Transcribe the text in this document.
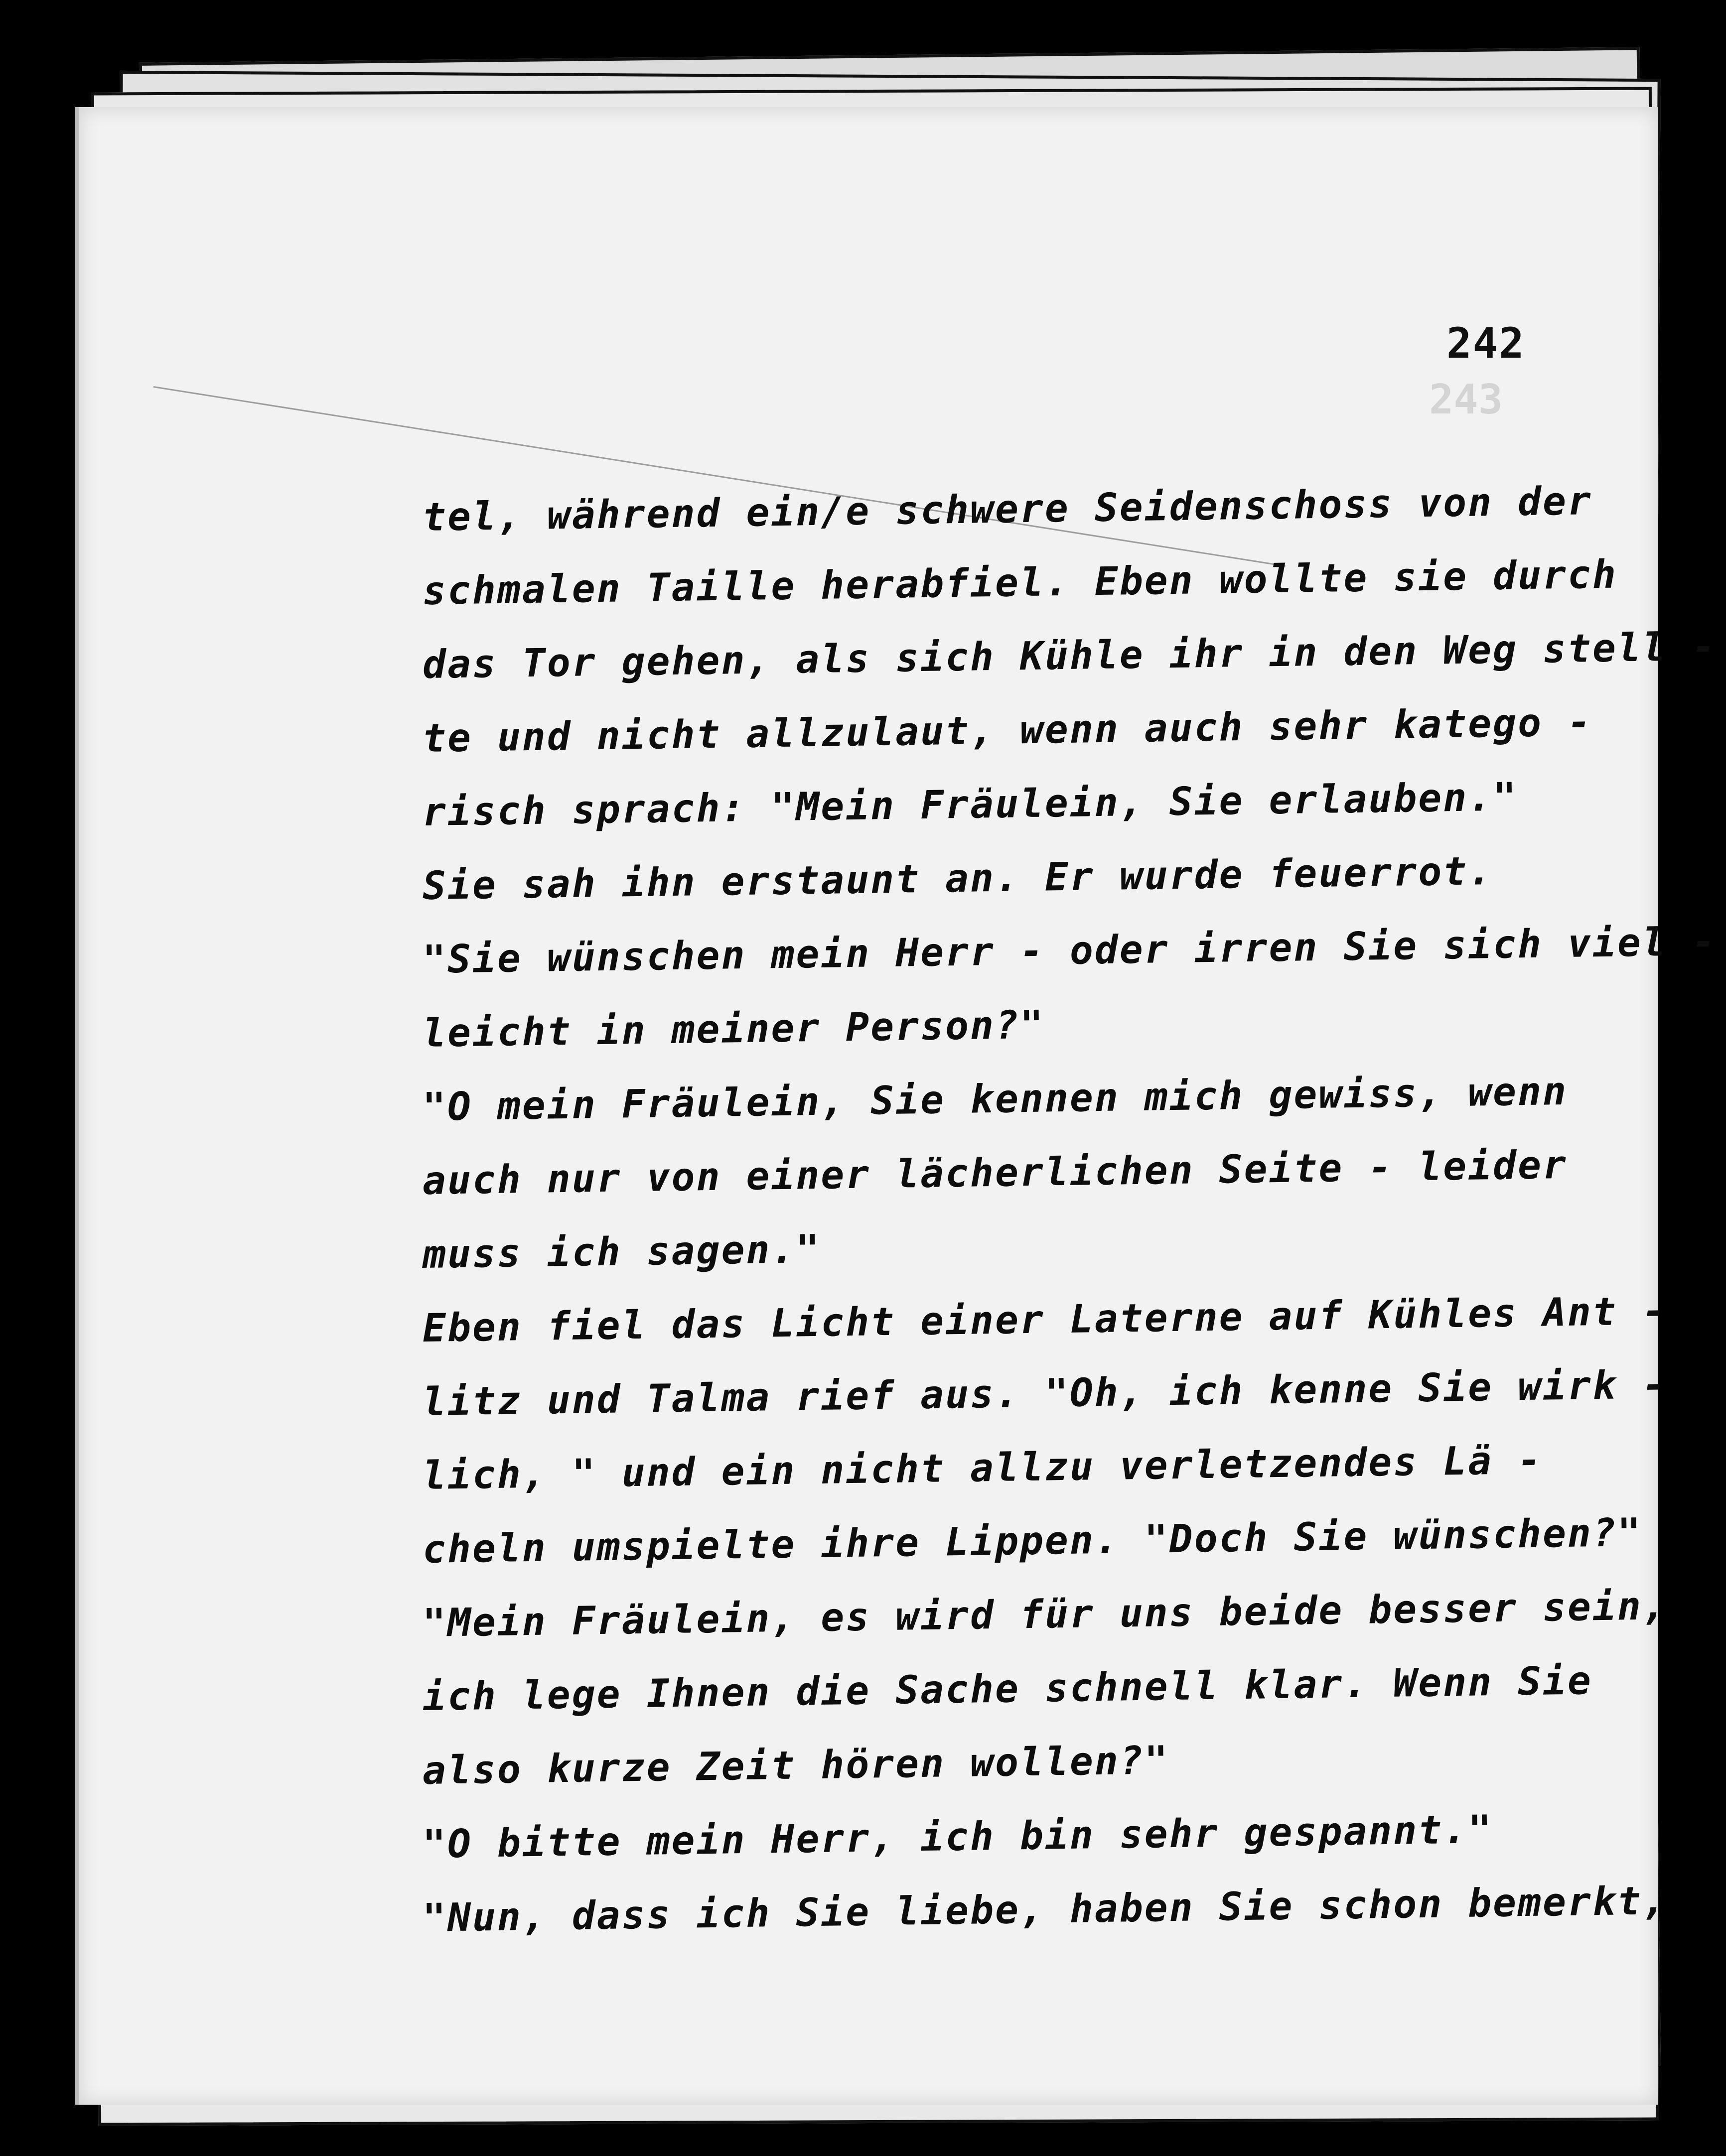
243
242
tel, während ein/e schwere Seidenschoss von der
schmalen Taille herabfiel. Eben wollte sie durch
das Tor gehen, als sich Kühle ihr in den Weg stell -
te und nicht allzulaut, wenn auch sehr katego -
risch sprach: "Mein Fräulein, Sie erlauben."
Sie sah ihn erstaunt an. Er wurde feuerrot.
"Sie wünschen mein Herr - oder irren Sie sich viel -
leicht in meiner Person?"
"O mein Fräulein, Sie kennen mich gewiss, wenn
auch nur von einer lächerlichen Seite - leider
muss ich sagen."
Eben fiel das Licht einer Laterne auf Kühles Ant -
litz und Talma rief aus. "Oh, ich kenne Sie wirk -
lich, " und ein nicht allzu verletzendes Lä -
cheln umspielte ihre Lippen. "Doch Sie wünschen?"
"Mein Fräulein, es wird für uns beide besser sein,
ich lege Ihnen die Sache schnell klar. Wenn Sie
also kurze Zeit hören wollen?"
"O bitte mein Herr, ich bin sehr gespannt."
"Nun, dass ich Sie liebe, haben Sie schon bemerkt,
